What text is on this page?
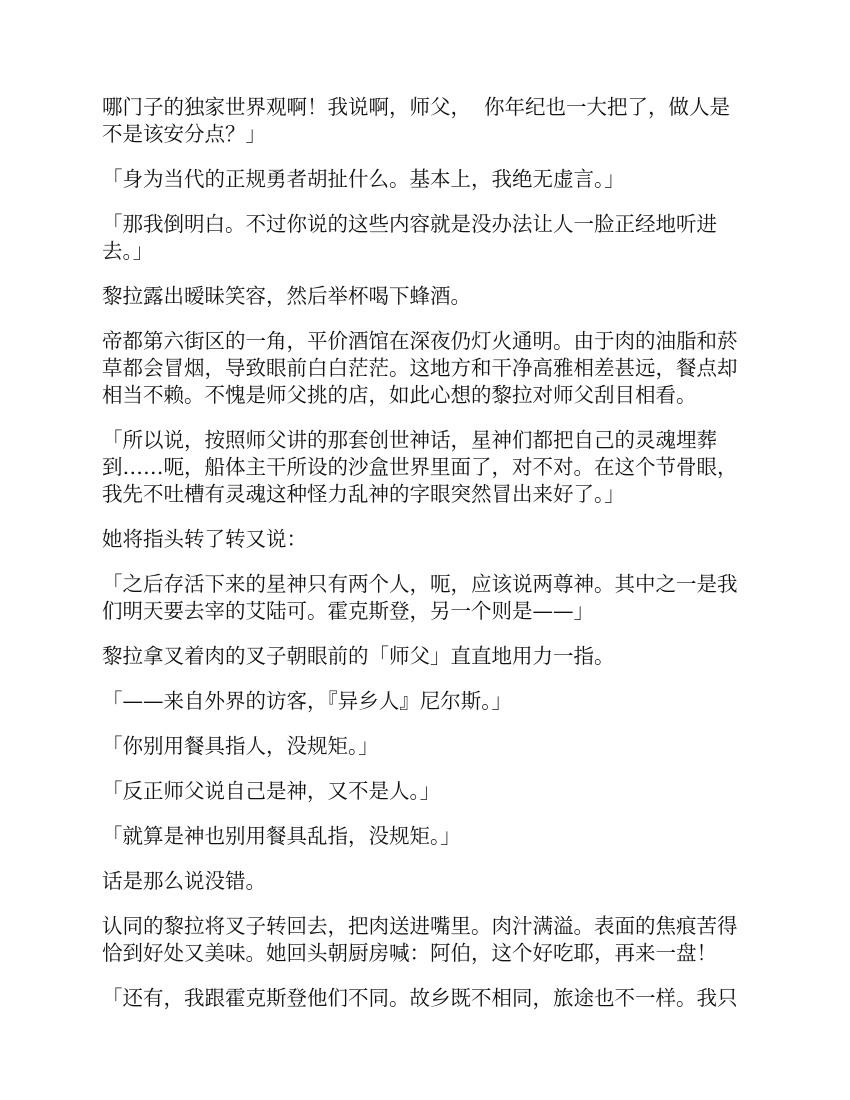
哪门子的独家世界观啊！我说啊，师父，  你年纪也一大把了，做人是
不是该安分点？」

「身为当代的正规勇者胡扯什么。基本上，我绝无虚言。」

「那我倒明白。不过你说的这些内容就是没办法让人一脸正经地听进
去。」

黎拉露出暧昧笑容，然后举杯喝下蜂酒。

帝都第六街区的一角，平价酒馆在深夜仍灯火通明。由于肉的油脂和菸
草都会冒烟，导致眼前白白茫茫。这地方和干净高雅相差甚远，餐点却
相当不赖。不愧是师父挑的店，如此心想的黎拉对师父刮目相看。

「所以说，按照师父讲的那套创世神话，星神们都把自己的灵魂埋葬
到……呃，船体主干所设的沙盒世界里面了，对不对。在这个节骨眼，
我先不吐槽有灵魂这种怪力乱神的字眼突然冒出来好了。」

她将指头转了转又说：

「之后存活下来的星神只有两个人，呃，应该说两尊神。其中之一是我
们明天要去宰的艾陆可。霍克斯登，另一个则是——」

黎拉拿叉着肉的叉子朝眼前的「师父」直直地用力一指。

「——来自外界的访客，『异乡人』尼尔斯。」

「你别用餐具指人，没规矩。」

「反正师父说自己是神，又不是人。」

「就算是神也别用餐具乱指，没规矩。」

话是那么说没错。

认同的黎拉将叉子转回去，把肉送进嘴里。肉汁满溢。表面的焦痕苦得
恰到好处又美味。她回头朝厨房喊：阿伯，这个好吃耶，再来一盘！

「还有，我跟霍克斯登他们不同。故乡既不相同，旅途也不一样。我只
